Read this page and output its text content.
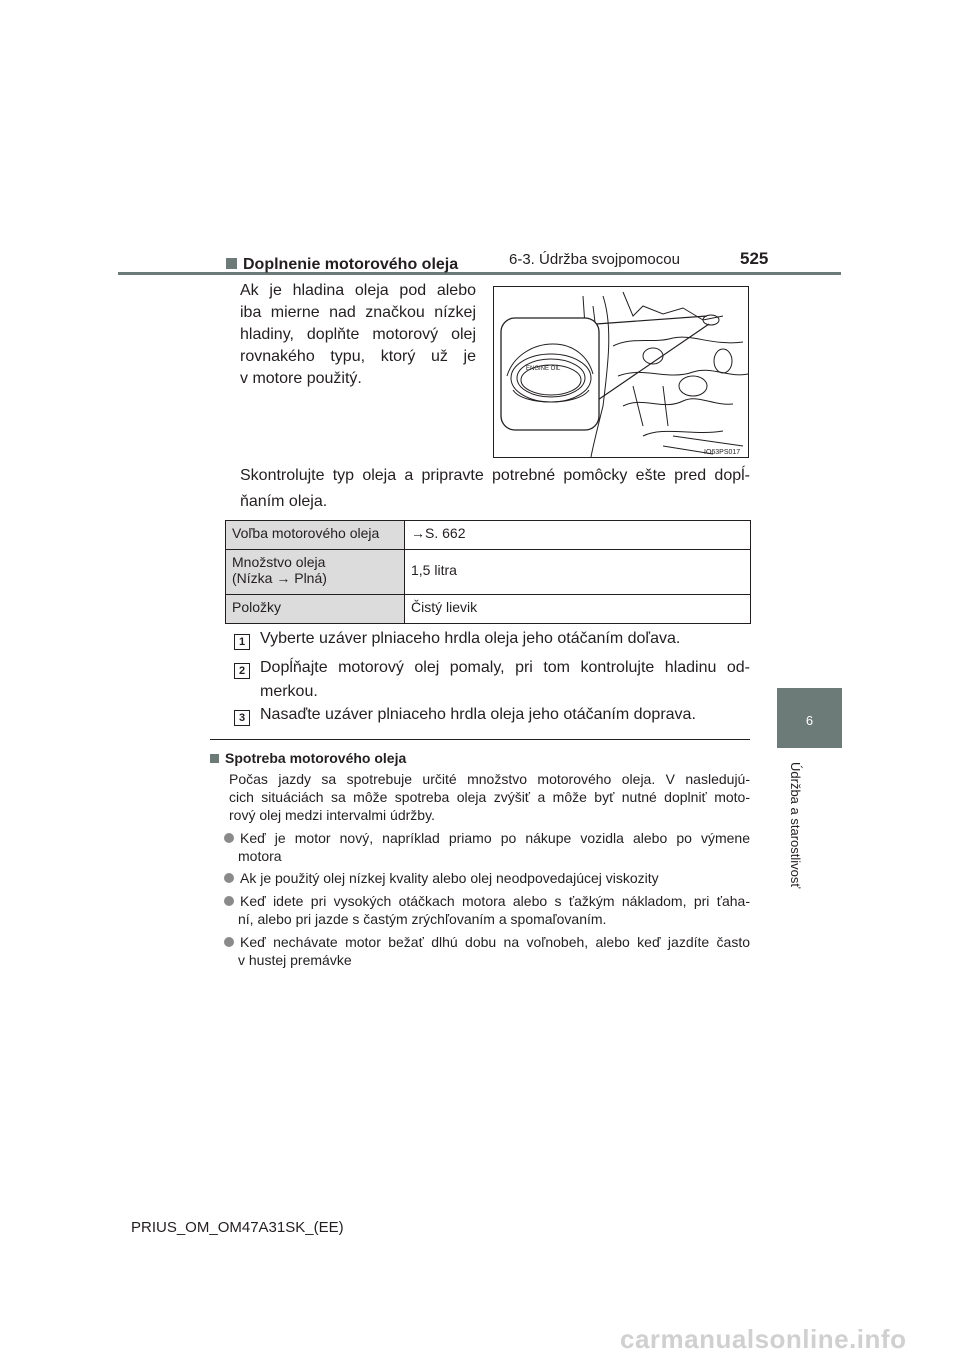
6-3. Údržba svojpomocou	525
6
Údržba a starostlivosť
Doplnenie motorového oleja
Ak je hladina oleja pod alebo
iba mierne nad značkou nízkej
hladiny, doplňte motorový olej
rovnakého typu, ktorý už je
v motore použitý.
ENGINE OIL
IO63PS017
Skontrolujte typ oleja a pripravte potrebné pomôcky ešte pred dopĺ-
ňaním oleja.
Voľba motorového oleja	→S. 662

Množstvo oleja
(Nízka → Plná)	1,5 litra

Položky	Čistý lievik
1 Vyberte uzáver plniaceho hrdla oleja jeho otáčaním doľava.
2 Dopĺňajte motorový olej pomaly, pri tom kontrolujte hladinu od-
merkou.
3 Nasaďte uzáver plniaceho hrdla oleja jeho otáčaním doprava.
Spotreba motorového oleja
Počas jazdy sa spotrebuje určité množstvo motorového oleja. V nasledujú-
cich situáciách sa môže spotreba oleja zvýšiť a môže byť nutné doplniť moto-
rový olej medzi intervalmi údržby.
Keď je motor nový, napríklad priamo po nákupe vozidla alebo po výmene
motora
Ak je použitý olej nízkej kvality alebo olej neodpovedajúcej viskozity
Keď idete pri vysokých otáčkach motora alebo s ťažkým nákladom, pri ťaha-
ní, alebo pri jazde s častým zrýchľovaním a spomaľovaním.
Keď nechávate motor bežať dlhú dobu na voľnobeh, alebo keď jazdíte často
v hustej premávke
PRIUS_OM_OM47A31SK_(EE)
carmanualsonline.info
